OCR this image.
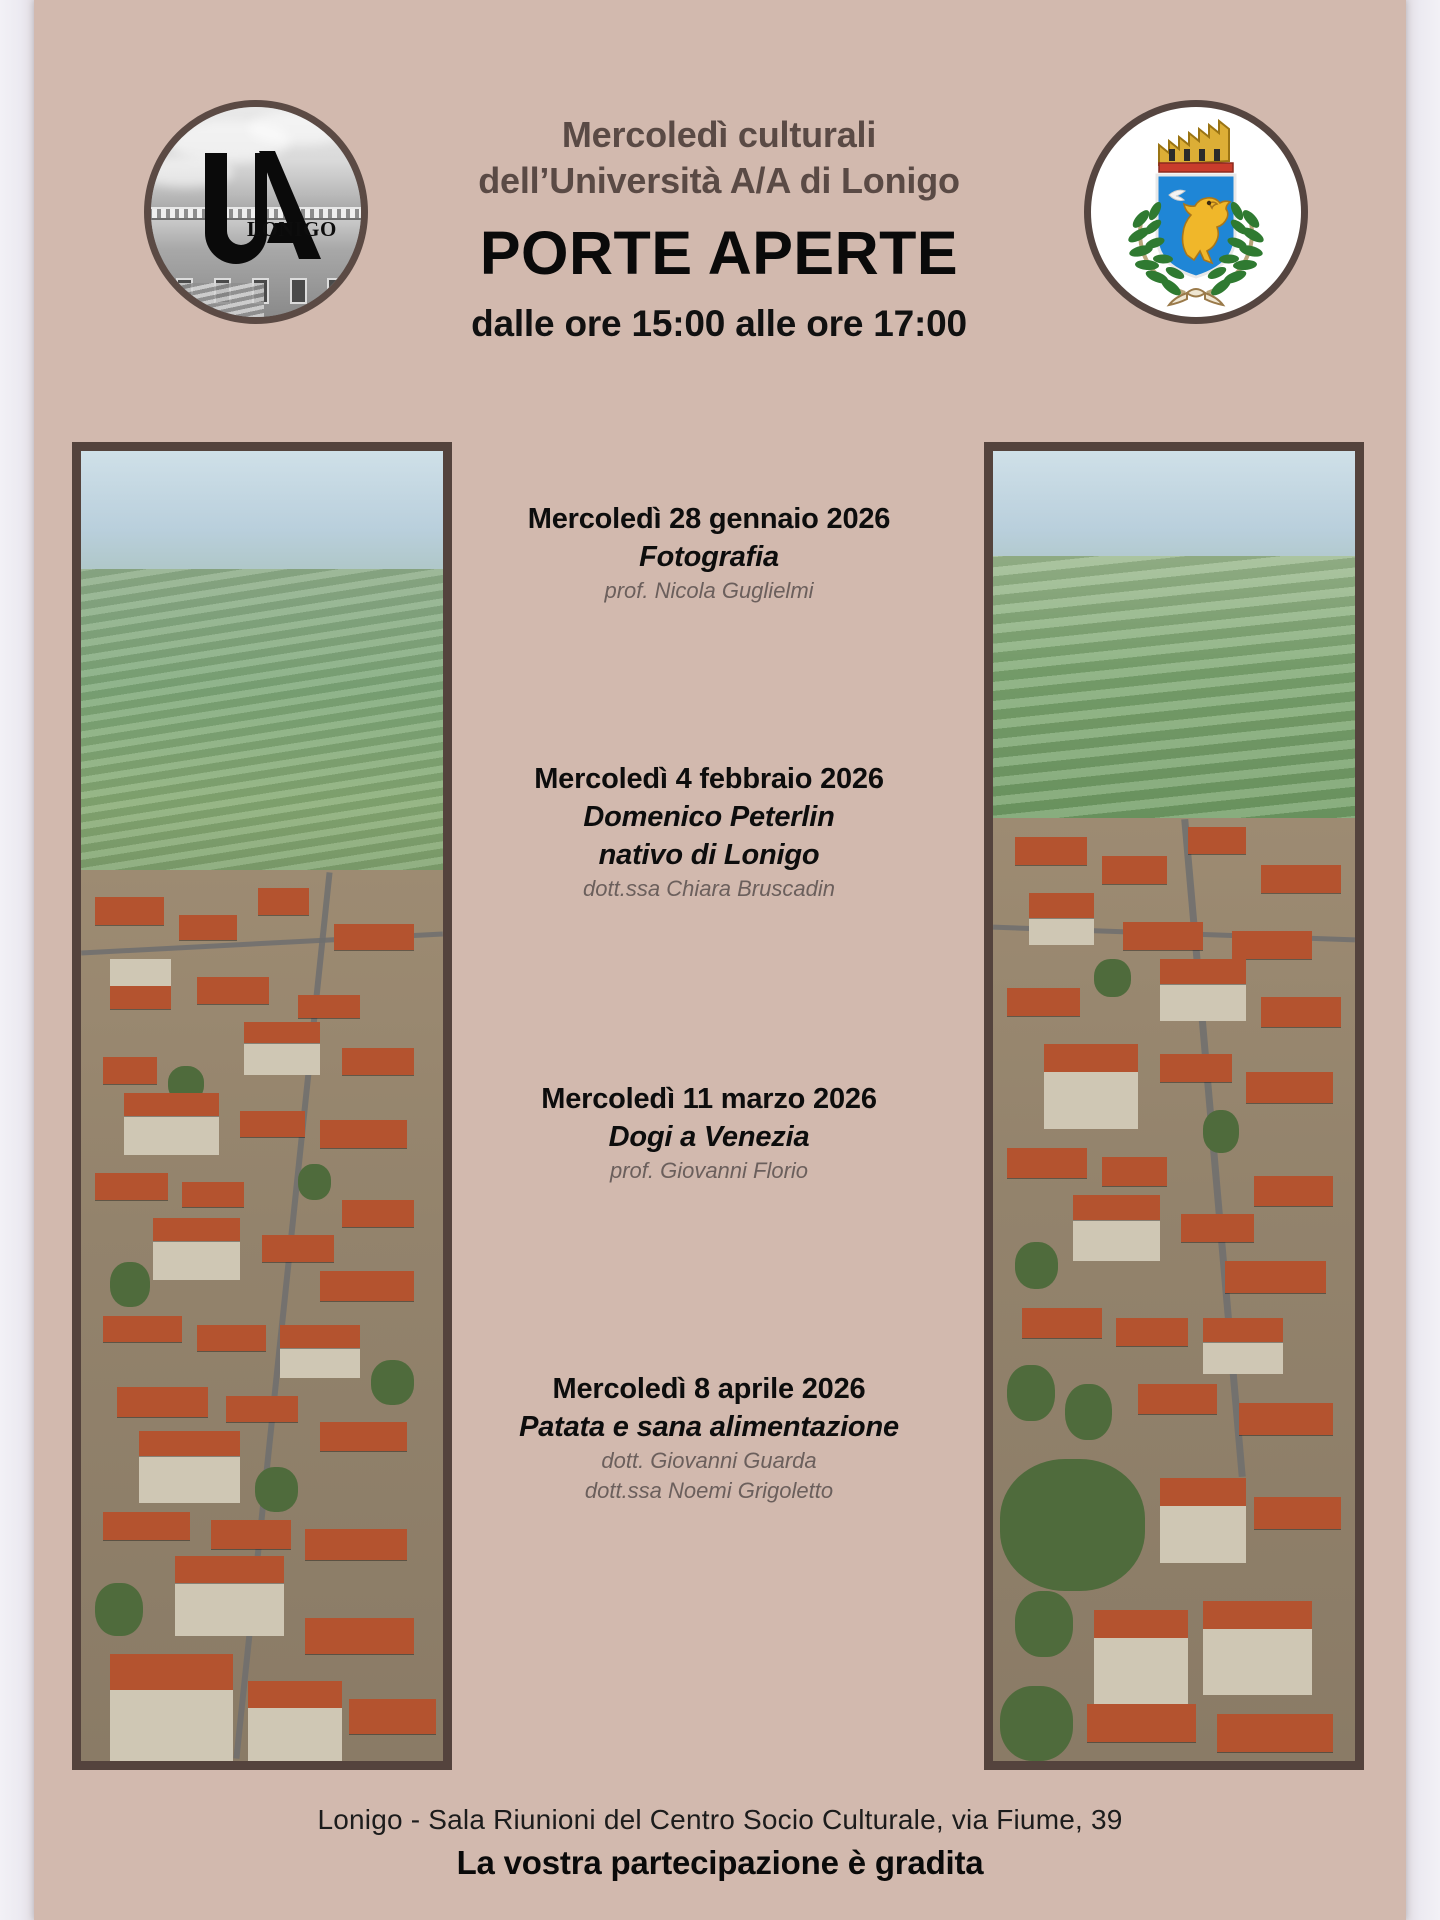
LONIGO
Mercoledì culturali
dell’Università A/A di Lonigo
PORTE APERTE
dalle ore 15:00 alle ore 17:00
Mercoledì 28 gennaio 2026
Fotografia
prof. Nicola Guglielmi
Mercoledì 4 febbraio 2026
Domenico Peterlin
nativo di Lonigo
dott.ssa Chiara Bruscadin
Mercoledì 11 marzo 2026
Dogi a Venezia
prof. Giovanni Florio
Mercoledì 8 aprile 2026
Patata e sana alimentazione
dott. Giovanni Guarda
dott.ssa Noemi Grigoletto
Lonigo - Sala Riunioni del Centro Socio Culturale, via Fiume, 39
La vostra partecipazione è gradita
